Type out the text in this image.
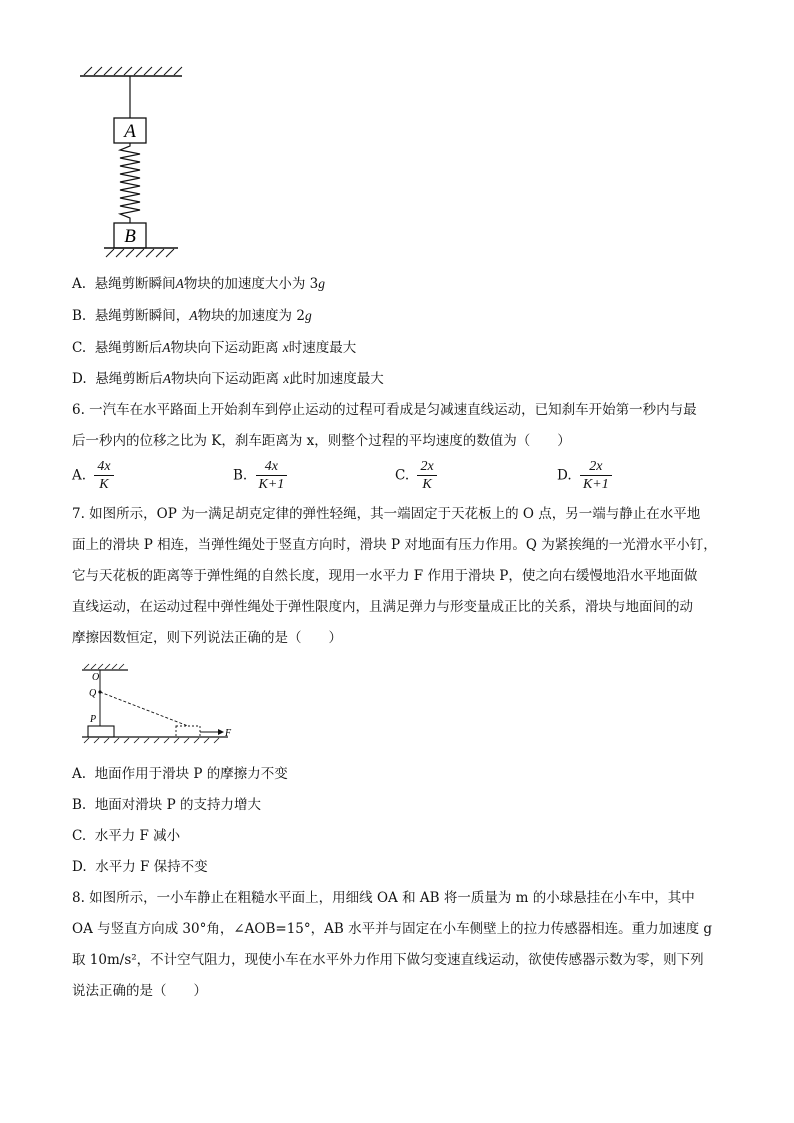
A
B
A. 悬绳剪断瞬间A物块的加速度大小为 3g
B. 悬绳剪断瞬间，A物块的加速度为 2g
C. 悬绳剪断后A物块向下运动距离 x时速度最大
D. 悬绳剪断后A物块向下运动距离 x此时加速度最大
6. 一汽车在水平路面上开始刹车到停止运动的过程可看成是匀减速直线运动，已知刹车开始第一秒内与最
后一秒内的位移之比为 K，刹车距离为 x，则整个过程的平均速度的数值为（　　）
A. $\frac{4x}{K}$	B. $\frac{4x}{K+1}$	C. $\frac{2x}{K}$	D. $\frac{2x}{K+1}$
7. 如图所示，OP 为一满足胡克定律的弹性轻绳，其一端固定于天花板上的 O 点，另一端与静止在水平地
面上的滑块 P 相连，当弹性绳处于竖直方向时，滑块 P 对地面有压力作用。Q 为紧挨绳的一光滑水平小钉，
它与天花板的距离等于弹性绳的自然长度，现用一水平力 F 作用于滑块 P，使之向右缓慢地沿水平地面做
直线运动，在运动过程中弹性绳处于弹性限度内，且满足弹力与形变量成正比的关系，滑块与地面间的动
摩擦因数恒定，则下列说法正确的是（　　）
O
Q
P
F
A. 地面作用于滑块 P 的摩擦力不变
B. 地面对滑块 P 的支持力增大
C. 水平力 F 减小
D. 水平力 F 保持不变
8. 如图所示，一小车静止在粗糙水平面上，用细线 OA 和 AB 将一质量为 m 的小球悬挂在小车中，其中
OA 与竖直方向成 30°角，∠AOB=15°，AB 水平并与固定在小车侧壁上的拉力传感器相连。重力加速度 g
取 10m/s²，不计空气阻力，现使小车在水平外力作用下做匀变速直线运动，欲使传感器示数为零，则下列
说法正确的是（　　）
